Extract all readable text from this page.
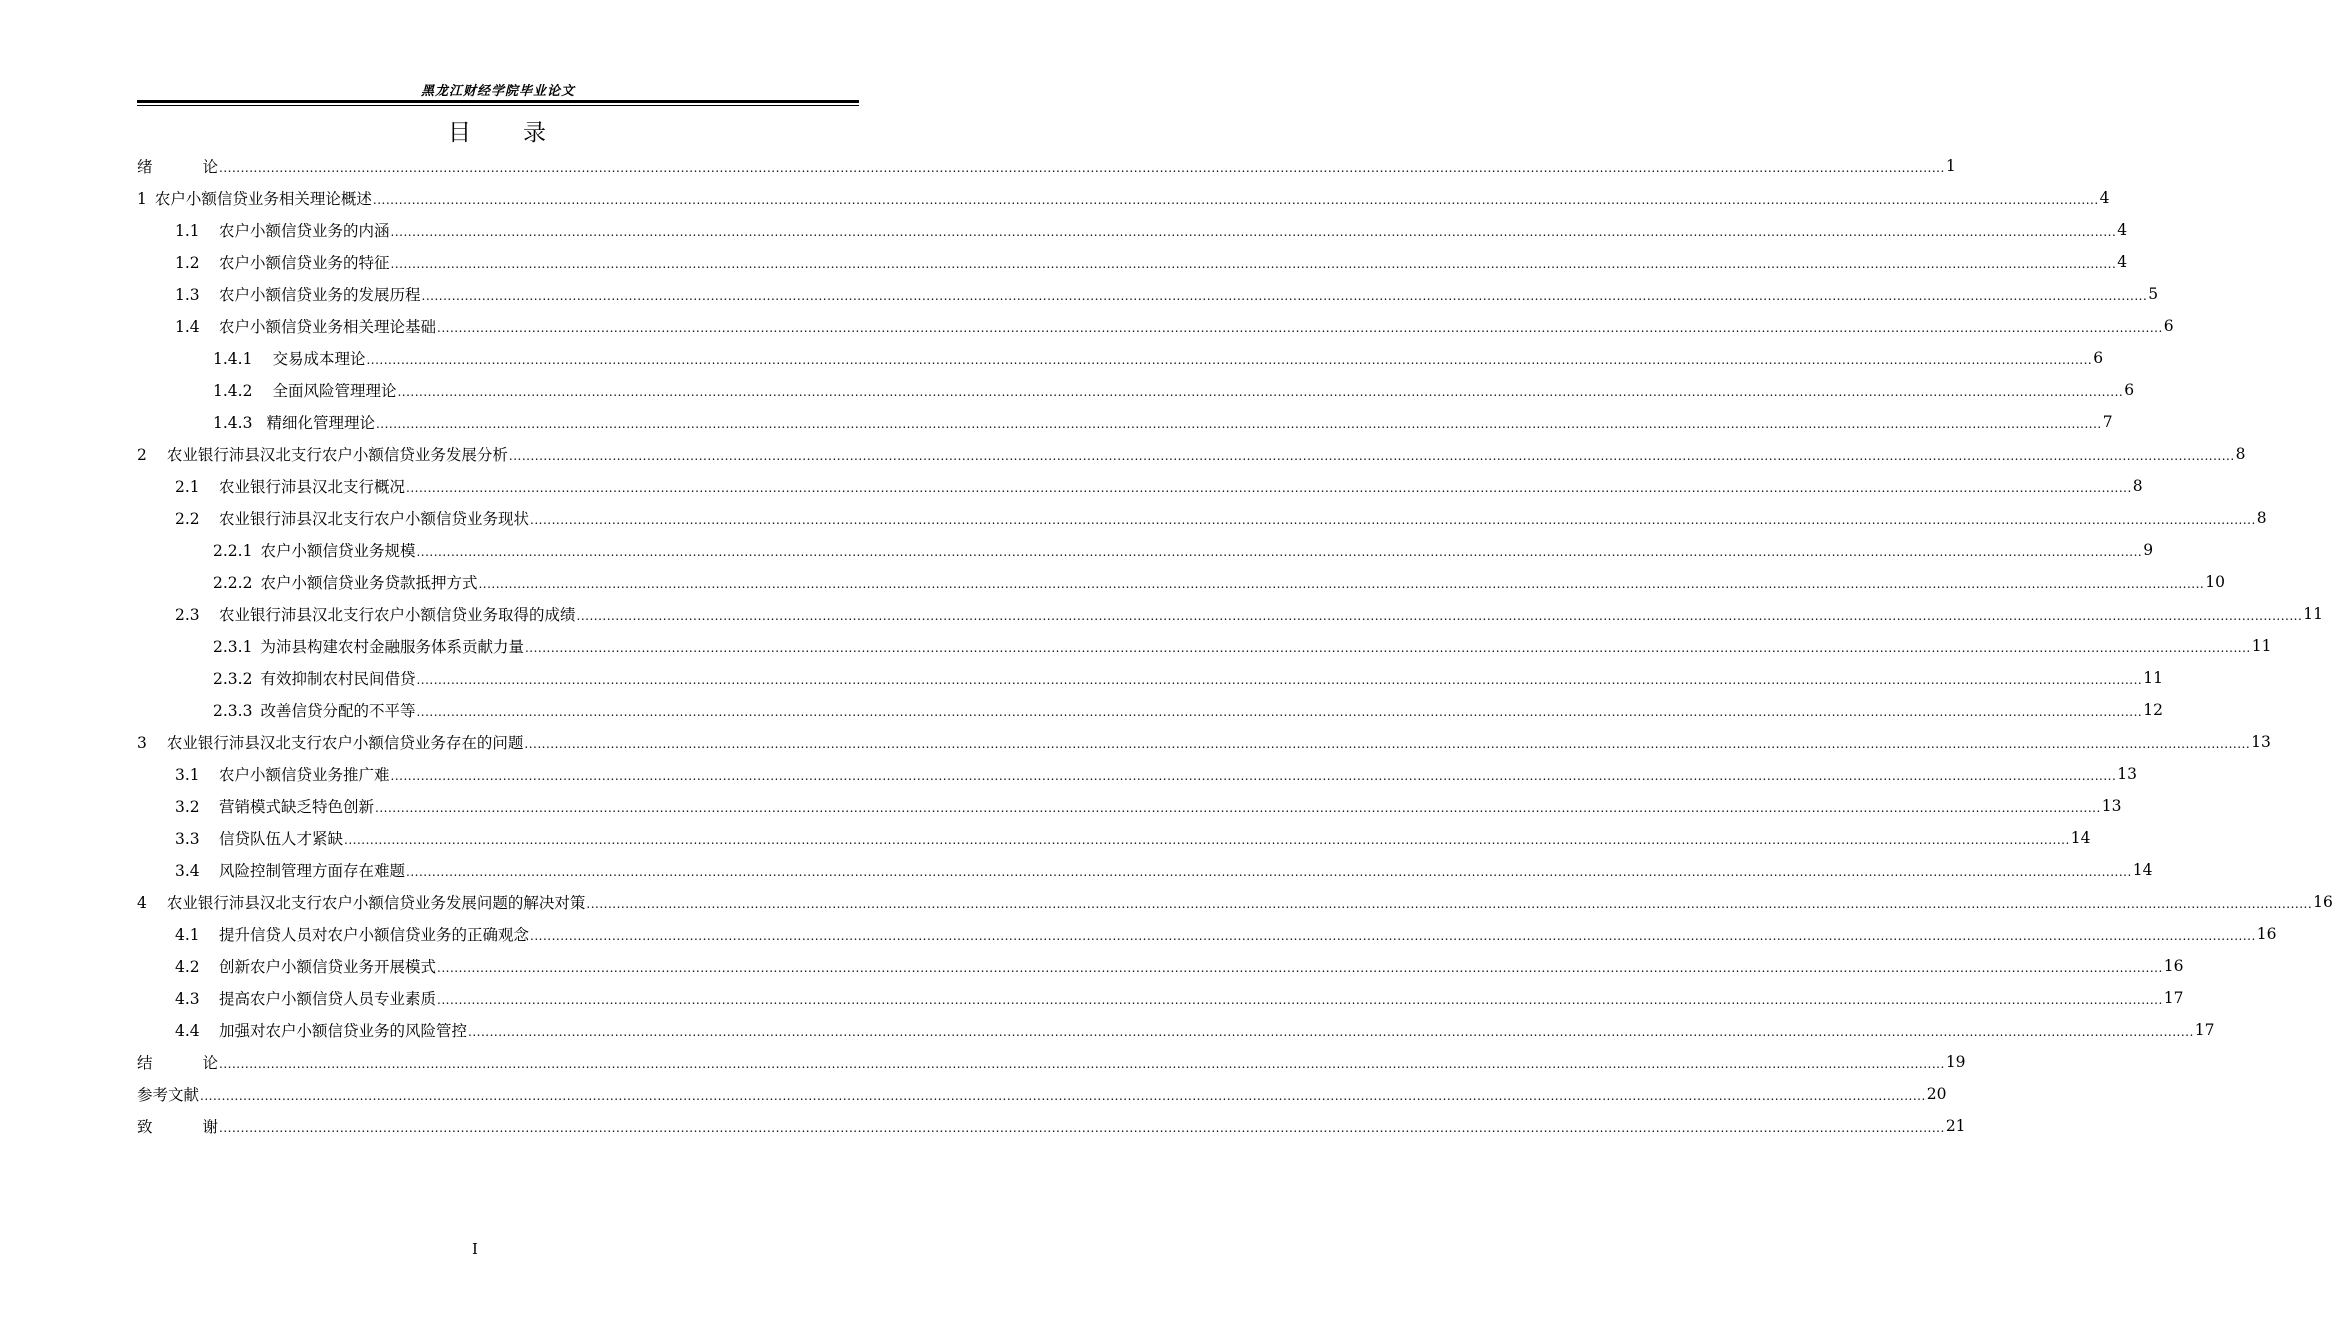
黑龙江财经学院毕业论文
目 录
绪	论 ................................................................................................................................................................................................................................................................................................................................................................................................................ 1
1 农户小额信贷业务相关理论概述 ................................................................................................................................................................................................................................................................................................................................................................................................................ 4
1.1 农户小额信贷业务的内涵 ................................................................................................................................................................................................................................................................................................................................................................................................................ 4
1.2 农户小额信贷业务的特征 ................................................................................................................................................................................................................................................................................................................................................................................................................ 4
1.3 农户小额信贷业务的发展历程 ................................................................................................................................................................................................................................................................................................................................................................................................................ 5
1.4 农户小额信贷业务相关理论基础 ................................................................................................................................................................................................................................................................................................................................................................................................................ 6
1.4.1 交易成本理论 ................................................................................................................................................................................................................................................................................................................................................................................................................ 6
1.4.2 全面风险管理理论 ................................................................................................................................................................................................................................................................................................................................................................................................................ 6
1.4.3 精细化管理理论 ................................................................................................................................................................................................................................................................................................................................................................................................................ 7
2 农业银行沛县汉北支行农户小额信贷业务发展分析 ................................................................................................................................................................................................................................................................................................................................................................................................................ 8
2.1 农业银行沛县汉北支行概况 ................................................................................................................................................................................................................................................................................................................................................................................................................ 8
2.2 农业银行沛县汉北支行农户小额信贷业务现状 ................................................................................................................................................................................................................................................................................................................................................................................................................ 8
2.2.1 农户小额信贷业务规模 ................................................................................................................................................................................................................................................................................................................................................................................................................ 9
2.2.2 农户小额信贷业务贷款抵押方式 ................................................................................................................................................................................................................................................................................................................................................................................................................ 10
2.3 农业银行沛县汉北支行农户小额信贷业务取得的成绩 ................................................................................................................................................................................................................................................................................................................................................................................................................ 11
2.3.1 为沛县构建农村金融服务体系贡献力量 ................................................................................................................................................................................................................................................................................................................................................................................................................ 11
2.3.2 有效抑制农村民间借贷 ................................................................................................................................................................................................................................................................................................................................................................................................................ 11
2.3.3 改善信贷分配的不平等 ................................................................................................................................................................................................................................................................................................................................................................................................................ 12
3 农业银行沛县汉北支行农户小额信贷业务存在的问题 ................................................................................................................................................................................................................................................................................................................................................................................................................ 13
3.1 农户小额信贷业务推广难 ................................................................................................................................................................................................................................................................................................................................................................................................................ 13
3.2 营销模式缺乏特色创新 ................................................................................................................................................................................................................................................................................................................................................................................................................ 13
3.3 信贷队伍人才紧缺 ................................................................................................................................................................................................................................................................................................................................................................................................................ 14
3.4 风险控制管理方面存在难题 ................................................................................................................................................................................................................................................................................................................................................................................................................ 14
4 农业银行沛县汉北支行农户小额信贷业务发展问题的解决对策 ................................................................................................................................................................................................................................................................................................................................................................................................................ 16
4.1 提升信贷人员对农户小额信贷业务的正确观念 ................................................................................................................................................................................................................................................................................................................................................................................................................ 16
4.2 创新农户小额信贷业务开展模式 ................................................................................................................................................................................................................................................................................................................................................................................................................ 16
4.3 提高农户小额信贷人员专业素质 ................................................................................................................................................................................................................................................................................................................................................................................................................ 17
4.4 加强对农户小额信贷业务的风险管控 ................................................................................................................................................................................................................................................................................................................................................................................................................ 17
结	论 ................................................................................................................................................................................................................................................................................................................................................................................................................ 19
参考文献 ................................................................................................................................................................................................................................................................................................................................................................................................................ 20
致	谢 ................................................................................................................................................................................................................................................................................................................................................................................................................ 21
I
